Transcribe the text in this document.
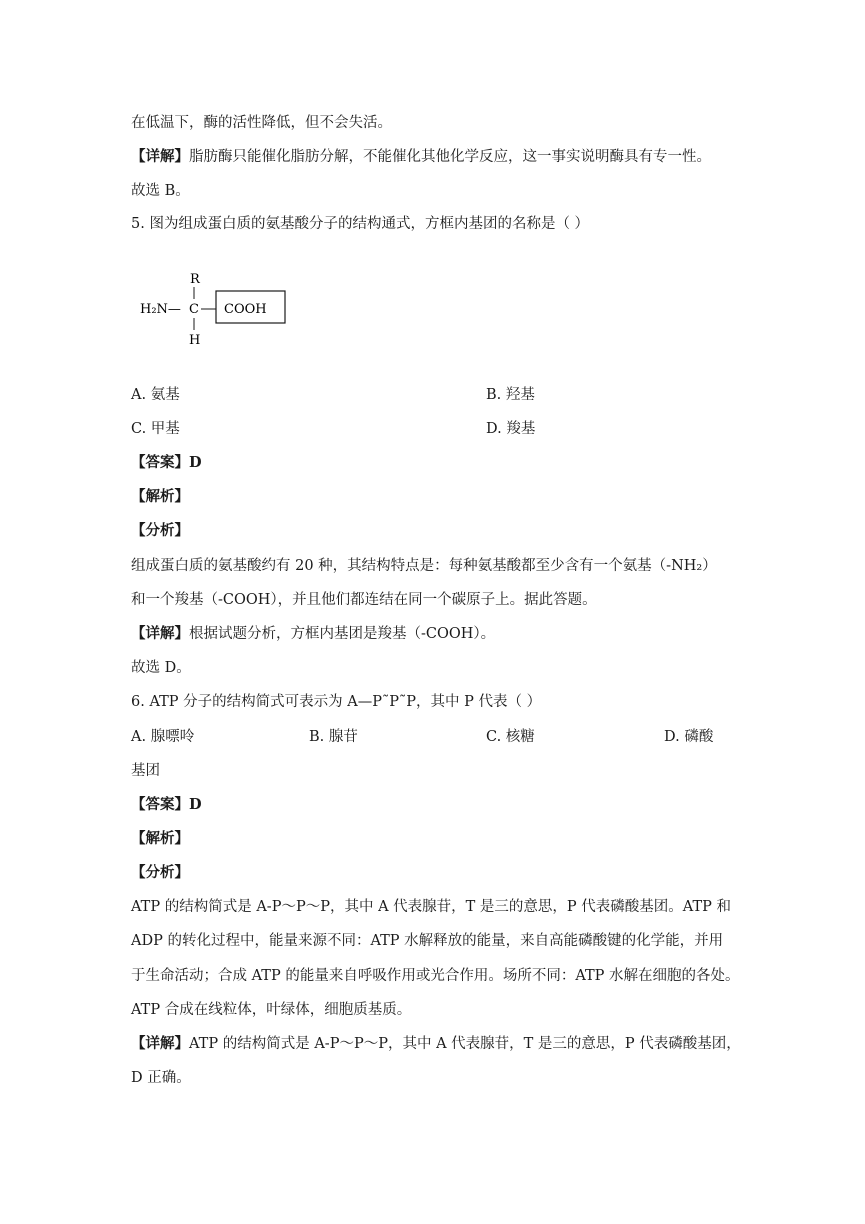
在低温下，酶的活性降低，但不会失活。
【详解】脂肪酶只能催化脂肪分解，不能催化其他化学反应，这一事实说明酶具有专一性。
故选 B。
5. 图为组成蛋白质的氨基酸分子的结构通式，方框内基团的名称是（ ）
R
H₂N— C COOH
H
A. 氨基	B. 羟基
C. 甲基	D. 羧基
【答案】D
【解析】
【分析】
组成蛋白质的氨基酸约有 20 种，其结构特点是：每种氨基酸都至少含有一个氨基（-NH₂）
和一个羧基（-COOH），并且他们都连结在同一个碳原子上。据此答题。
【详解】根据试题分析，方框内基团是羧基（-COOH）。
故选 D。
6. ATP 分子的结构简式可表示为 A—P˜P˜P，其中 P 代表（ ）
A. 腺嘌呤	B. 腺苷	C. 核糖	D. 磷酸
基团
【答案】D
【解析】
【分析】
ATP 的结构简式是 A-P～P～P，其中 A 代表腺苷，T 是三的意思，P 代表磷酸基团。ATP 和
ADP 的转化过程中，能量来源不同：ATP 水解释放的能量，来自高能磷酸键的化学能，并用
于生命活动；合成 ATP 的能量来自呼吸作用或光合作用。场所不同：ATP 水解在细胞的各处。
ATP 合成在线粒体，叶绿体，细胞质基质。
【详解】ATP 的结构简式是 A-P～P～P，其中 A 代表腺苷，T 是三的意思，P 代表磷酸基团，
D 正确。
